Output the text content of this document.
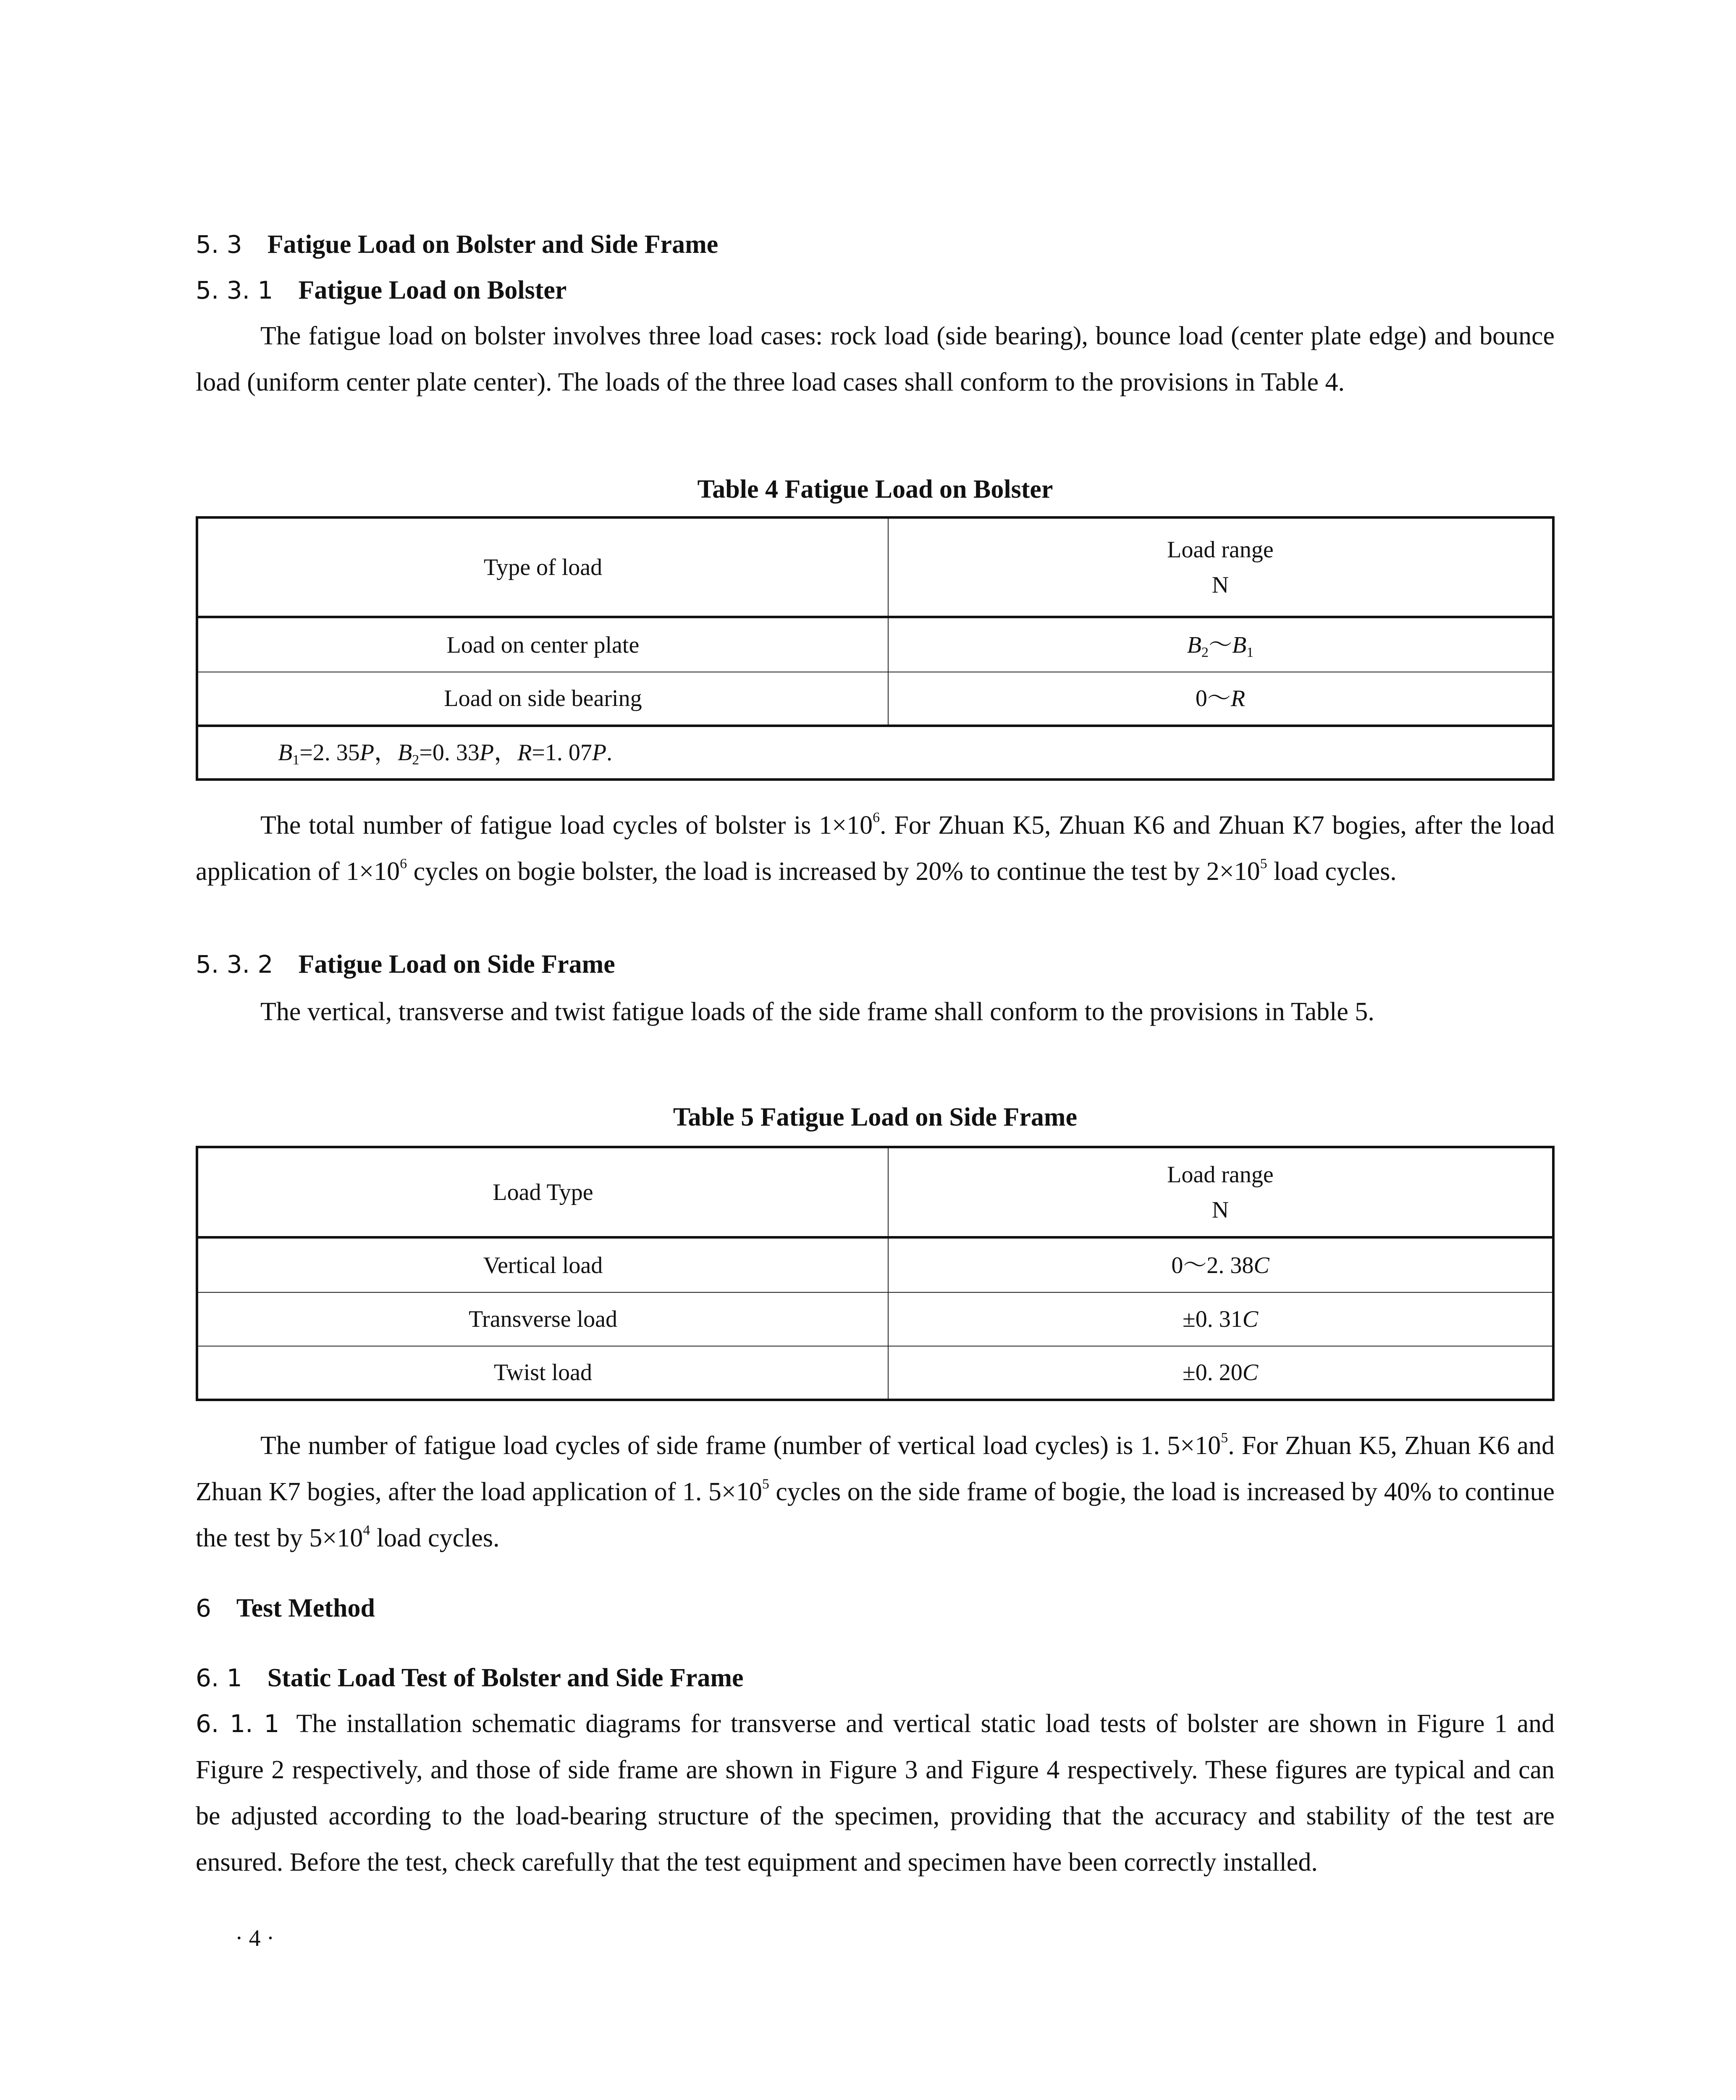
5. 3 Fatigue Load on Bolster and Side Frame
5. 3. 1 Fatigue Load on Bolster
The fatigue load on bolster involves three load cases: rock load (side bearing), bounce load (center plate edge) and bounce load (uniform center plate center). The loads of the three load cases shall conform to the provisions in Table 4.
Table 4 Fatigue Load on Bolster
Type of load	Load range
N

Load on center plate	$B_2\sim B_1$
Load on side bearing	0～R
$B_1=2$. 35P，$B_2=0$. 33P，R=1. 07P.	
The total number of fatigue load cycles of bolster is $1\times 10^6$. For Zhuan K5, Zhuan K6 and Zhuan K7 bogies, after the load application of $1\times 10^6$ cycles on bogie bolster, the load is increased by 20% to continue the test by $2\times 10^5$ load cycles.
5. 3. 2 Fatigue Load on Side Frame
The vertical, transverse and twist fatigue loads of the side frame shall conform to the provisions in Table 5.
Table 5 Fatigue Load on Side Frame
Load Type	Load range
N

Vertical load	0～2. 38C
Transverse load	±0. 31C
Twist load	±0. 20C
The number of fatigue load cycles of side frame (number of vertical load cycles) is 1. $5\times 10^5$. For Zhuan K5, Zhuan K6 and Zhuan K7 bogies, after the load application of 1. $5\times 10^5$ cycles on the side frame of bogie, the load is increased by 40% to continue the test by $5\times 10^4$ load cycles.
6 Test Method
6. 1 Static Load Test of Bolster and Side Frame
6. 1. 1 The installation schematic diagrams for transverse and vertical static load tests of bolster are shown in Figure 1 and Figure 2 respectively, and those of side frame are shown in Figure 3 and Figure 4 respectively. These figures are typical and can be adjusted according to the load-bearing structure of the specimen, providing that the accuracy and stability of the test are ensured. Before the test, check carefully that the test equipment and specimen have been correctly installed.
· 4 ·
